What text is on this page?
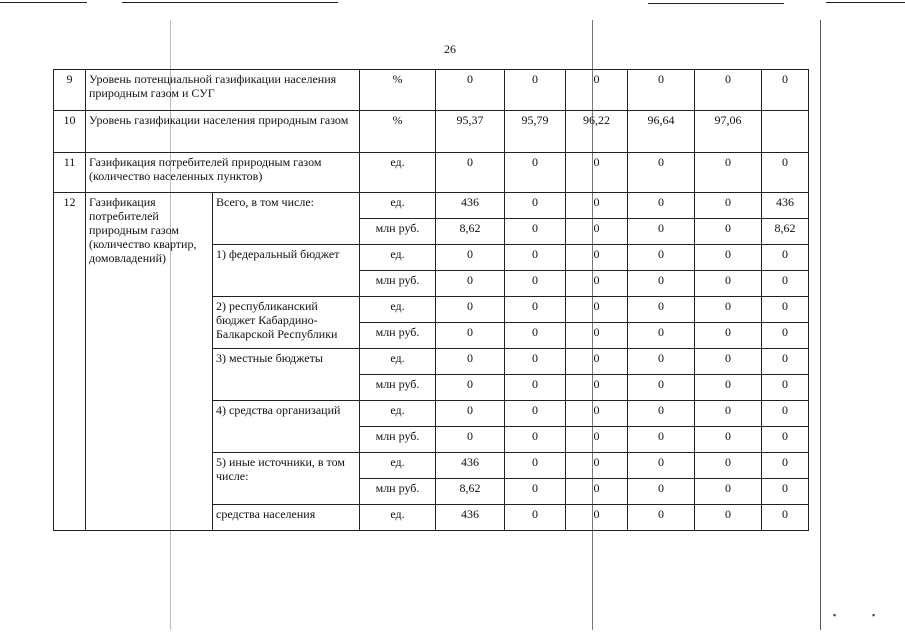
26
9	Уровень потенциальной газификации населения природным газом и СУГ		%	0	0	0	0	0	0
10	Уровень газификации населения природным газом		%	95,37	95,79	96,22	96,64	97,06	
11	Газификация потребителей природным газом (количество населенных пунктов)		ед.	0	0	0	0	0	0
12	Газификация потребителей природным газом (количество квартир, домовладений)	Всего, в том числе:	ед.	436	0	0	0	0	436
			млн руб.	8,62	0	0	0	0	8,62
		1) федеральный бюджет	ед.	0	0	0	0	0	0
			млн руб.	0	0	0	0	0	0
		2) республиканский бюджет Кабардино-Балкарской Республики	ед.	0	0	0	0	0	0
			млн руб.	0	0	0	0	0	0
		3) местные бюджеты	ед.	0	0	0	0	0	0
			млн руб.	0	0	0	0	0	0
		4) средства организаций	ед.	0	0	0	0	0	0
			млн руб.	0	0	0	0	0	0
		5) иные источники, в том числе:	ед.	436	0	0	0	0	0
			млн руб.	8,62	0	0	0	0	0
		средства населения	ед.	436	0	0	0	0	0
▪	▪
